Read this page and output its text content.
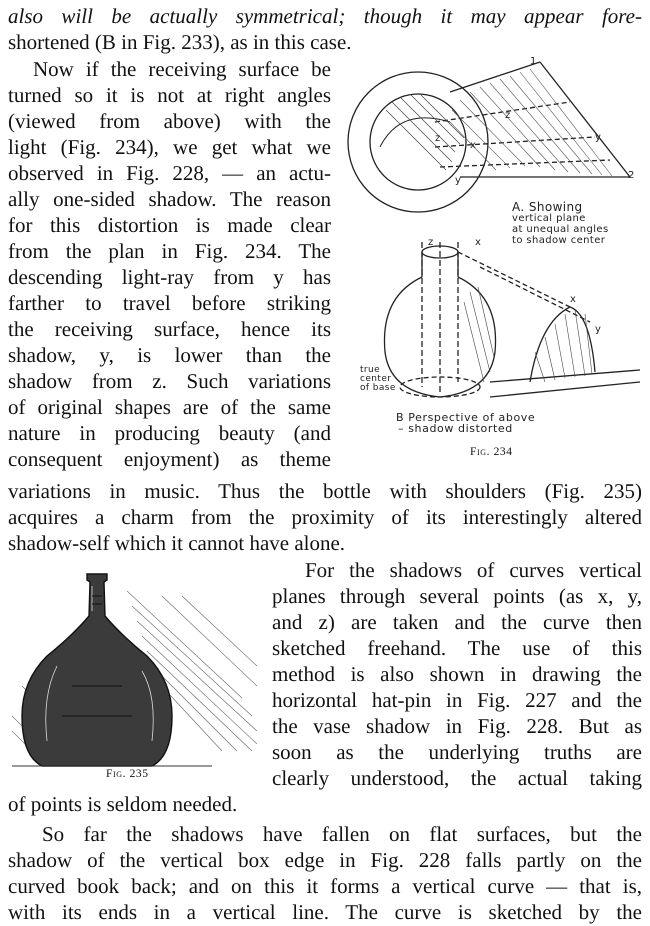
also will be actually symmetrical; though it may appear fore-

shortened (B in Fig. 233), as in this case.

Now if the receiving surface be

turned so it is not at right angles

(viewed from above) with the

light (Fig. 234), we get what we

observed in Fig. 228, — an actu-

ally one-sided shadow. The reason

for this distortion is made clear

from the plan in Fig. 234. The

descending light-ray from y has

farther to travel before striking

the receiving surface, hence its

shadow, y, is lower than the

shadow from z. Such variations

of original shapes are of the same

nature in producing beauty (and

consequent enjoyment) as theme

variations in music. Thus the bottle with shoulders (Fig. 235)

acquires a charm from the proximity of its interestingly altered

shadow-self which it cannot have alone.

For the shadows of curves vertical

planes through several points (as x, y,

and z) are taken and the curve then

sketched freehand. The use of this

method is also shown in drawing the

horizontal hat-pin in Fig. 227 and the

the vase shadow in Fig. 228. But as

soon as the underlying truths are

clearly understood, the actual taking

of points is seldom needed.

So far the shadows have fallen on flat surfaces, but the

shadow of the vertical box edge in Fig. 228 falls partly on the

curved book back; and on this it forms a vertical curve — that is,

with its ends in a vertical line. The curve is sketched by the

1
2
z
z
x
y
y
z	x
x
y
A. Showing
vertical plane
at unequal angles
to shadow center
true
center
of base
B Perspective of above
– shadow distorted
Fig. 234
Fig. 235
